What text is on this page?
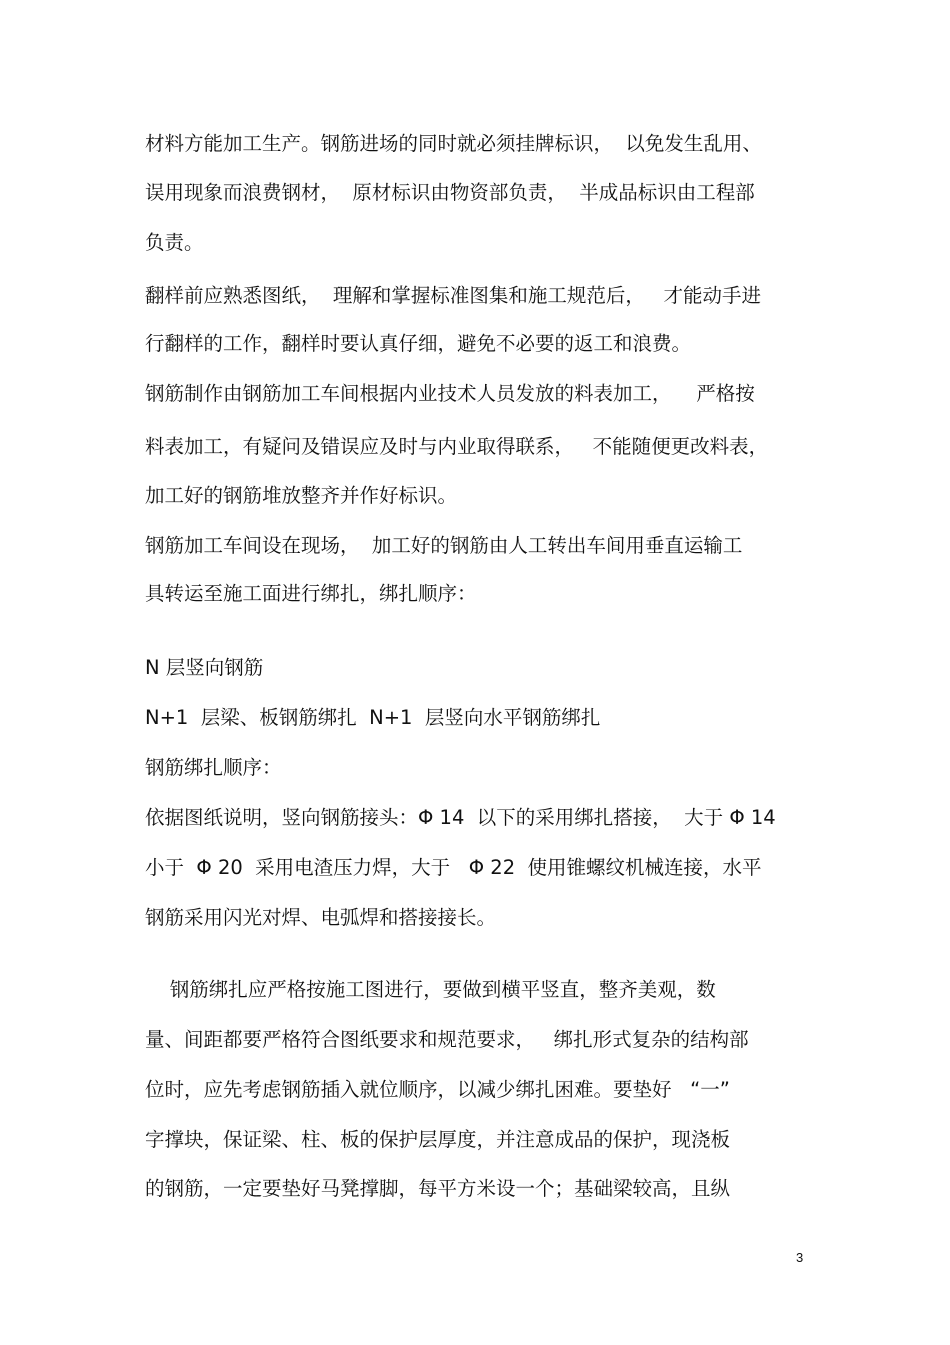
材料方能加工生产。钢筋进场的同时就必须挂牌标识，  以免发生乱用、
误用现象而浪费钢材，  原材标识由物资部负责，  半成品标识由工程部
负责。
翻样前应熟悉图纸，  理解和掌握标准图集和施工规范后，   才能动手进
行翻样的工作，翻样时要认真仔细，避免不必要的返工和浪费。
钢筋制作由钢筋加工车间根据内业技术人员发放的料表加工，    严格按
料表加工，有疑问及错误应及时与内业取得联系，   不能随便更改料表，
加工好的钢筋堆放整齐并作好标识。
钢筋加工车间设在现场，  加工好的钢筋由人工转出车间用垂直运输工
具转运至施工面进行绑扎，绑扎顺序：
N 层竖向钢筋
N+1  层梁、板钢筋绑扎  N+1  层竖向水平钢筋绑扎
钢筋绑扎顺序：
依据图纸说明，竖向钢筋接头：Φ 14  以下的采用绑扎搭接，  大于 Φ 14
小于  Φ 20  采用电渣压力焊，大于   Φ 22  使用锥螺纹机械连接，水平
钢筋采用闪光对焊、电弧焊和搭接接长。
钢筋绑扎应严格按施工图进行，要做到横平竖直，整齐美观，数
量、间距都要严格符合图纸要求和规范要求，   绑扎形式复杂的结构部
位时，应先考虑钢筋插入就位顺序，以减少绑扎困难。要垫好   “一”
字撑块，保证梁、柱、板的保护层厚度，并注意成品的保护，现浇板
的钢筋，一定要垫好马凳撑脚，每平方米设一个；基础梁较高，且纵
3
